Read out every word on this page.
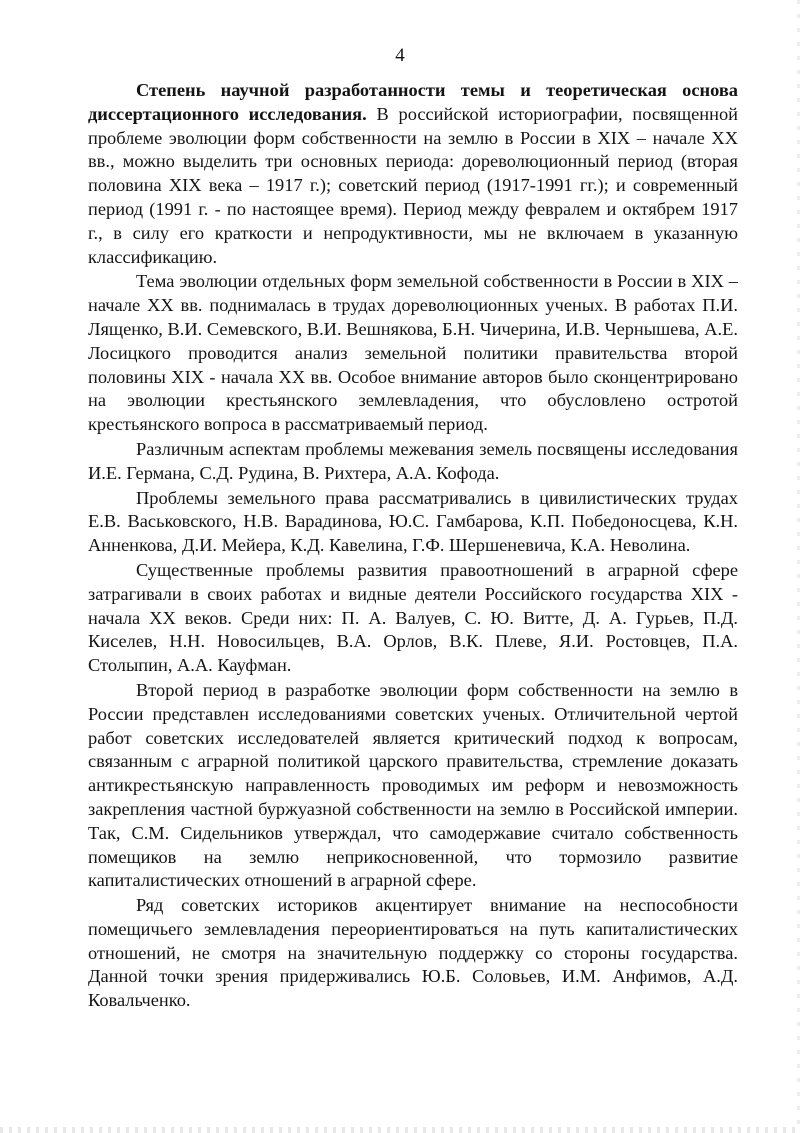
4

Степень научной разработанности темы и теоретическая основа диссертационного исследования. В российской историографии, посвященной проблеме эволюции форм собственности на землю в России в XIX – начале XX вв., можно выделить три основных периода: дореволюционный период (вторая половина XIX века – 1917 г.); советский период (1917-1991 гг.); и современный период (1991 г. - по настоящее время). Период между февралем и октябрем 1917 г., в силу его краткости и непродуктивности, мы не включаем в указанную классификацию.

Тема эволюции отдельных форм земельной собственности в России в XIX – начале XX вв. поднималась в трудах дореволюционных ученых. В работах П.И. Лященко, В.И. Семевского, В.И. Вешнякова, Б.Н. Чичерина, И.В. Чернышева, А.Е. Лосицкого проводится анализ земельной политики правительства второй половины XIX - начала XX вв. Особое внимание авторов было сконцентрировано на эволюции крестьянского землевладения, что обусловлено остротой крестьянского вопроса в рассматриваемый период.

Различным аспектам проблемы межевания земель посвящены исследования И.Е. Германа, С.Д. Рудина, В. Рихтера, А.А. Кофода.

Проблемы земельного права рассматривались в цивилистических трудах Е.В. Васьковского, Н.В. Варадинова, Ю.С. Гамбарова, К.П. Победоносцева, К.Н. Анненкова, Д.И. Мейера, К.Д. Кавелина, Г.Ф. Шершеневича, К.А. Неволина.

Существенные проблемы развития правоотношений в аграрной сфере затрагивали в своих работах и видные деятели Российского государства XIX - начала XX веков. Среди них: П. А. Валуев, С. Ю. Витте, Д. А. Гурьев, П.Д. Киселев, Н.Н. Новосильцев, В.А. Орлов, В.К. Плеве, Я.И. Ростовцев, П.А. Столыпин, А.А. Кауфман.

Второй период в разработке эволюции форм собственности на землю в России представлен исследованиями советских ученых. Отличительной чертой работ советских исследователей является критический подход к вопросам, связанным с аграрной политикой царского правительства, стремление доказать антикрестьянскую направленность проводимых им реформ и невозможность закрепления частной буржуазной собственности на землю в Российской империи. Так, С.М. Сидельников утверждал, что самодержавие считало собственность помещиков на землю неприкосновенной, что тормозило развитие капиталистических отношений в аграрной сфере.

Ряд советских историков акцентирует внимание на неспособности помещичьего землевладения переориентироваться на путь капиталистических отношений, не смотря на значительную поддержку со стороны государства. Данной точки зрения придерживались Ю.Б. Соловьев, И.М. Анфимов, А.Д. Ковальченко.
